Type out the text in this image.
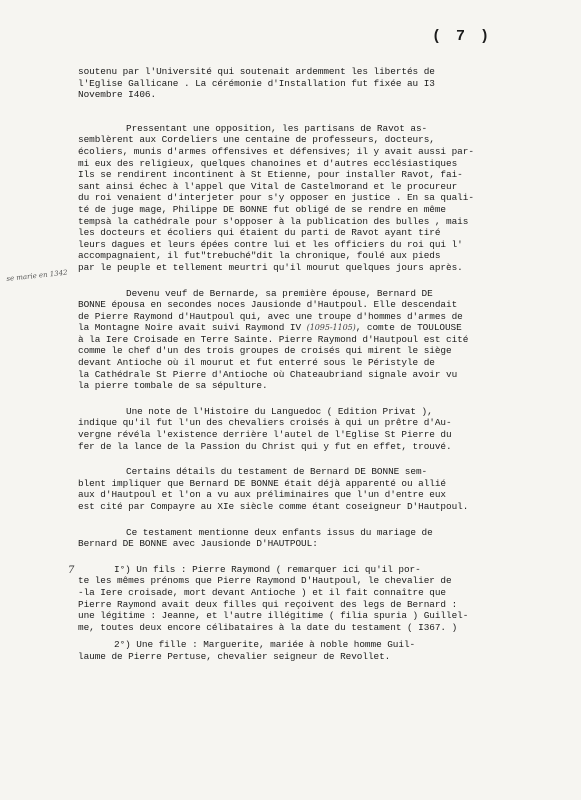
( 7 )
se marie en 1342
7

soutenu par l'Université qui soutenait ardemment les libertés de
l'Eglise Gallicane . La cérémonie d'Installation fut fixée au I3
Novembre I406.

Pressentant une opposition, les partisans de Ravot as-
semblèrent aux Cordeliers une centaine de professeurs, docteurs,
écoliers, munis d'armes offensives et défensives; il y avait aussi par-
mi eux des religieux, quelques chanoines et d'autres ecclésiastiques
Ils se rendirent incontinent à St Etienne, pour installer Ravot, fai-
sant ainsi échec à l'appel que Vital de Castelmorand et le procureur
du roi venaient d'interjeter pour s'y opposer en justice . En sa quali-
té de juge mage, Philippe DE BONNE fut obligé de se rendre en même
tempsà la cathédrale pour s'opposer à la publication des bulles , mais
les docteurs et écoliers qui étaient du parti de Ravot ayant tiré
leurs dagues et leurs épées contre lui et les officiers du roi qui l'
accompagnaient, il fut"trebuché"dit la chronique, foulé aux pieds
par le peuple et tellement meurtri qu'il mourut quelques jours après.

Devenu veuf de Bernarde, sa première épouse, Bernard DE
BONNE épousa en secondes noces Jausionde d'Hautpoul. Elle descendait
de Pierre Raymond d'Hautpoul qui, avec une troupe d'hommes d'armes de
la Montagne Noire avait suivi Raymond IV (1095-1105), comte de TOULOUSE
à la Iere Croisade en Terre Sainte. Pierre Raymond d'Hautpoul est cité
comme le chef d'un des trois groupes de croisés qui mirent le siège
devant Antioche où il mourut et fut enterré sous le Péristyle de
la Cathédrale St Pierre d'Antioche où Chateaubriand signale avoir vu
la pierre tombale de sa sépulture.

Une note de l'Histoire du Languedoc ( Edition Privat ),
indique qu'il fut l'un des chevaliers croisés à qui un prêtre d'Au-
vergne révéla l'existence derrière l'autel de l'Eglise St Pierre du
fer de la lance de la Passion du Christ qui y fut en effet, trouvé.

Certains détails du testament de Bernard DE BONNE sem-
blent impliquer que Bernard DE BONNE était déjà apparenté ou allié
aux d'Hautpoul et l'on a vu aux préliminaires que l'un d'entre eux
est cité par Compayre au XIe siècle comme étant coseigneur D'Hautpoul.

Ce testament mentionne deux enfants issus du mariage de
Bernard DE BONNE avec Jausionde D'HAUTPOUL:

I°) Un fils : Pierre Raymond ( remarquer ici qu'il por-
te les mêmes prénoms que Pierre Raymond D'Hautpoul, le chevalier de
-la Iere croisade, mort devant Antioche ) et il fait connaître que
Pierre Raymond avait deux filles qui reçoivent des legs de Bernard :
une légitime : Jeanne, et l'autre illégitime ( filia spuria ) Guillel-
me, toutes deux encore célibataires à la date du testament ( I367. )

2°) Une fille : Marguerite, mariée à noble homme Guil-
laume de Pierre Pertuse, chevalier seigneur de Revollet.
